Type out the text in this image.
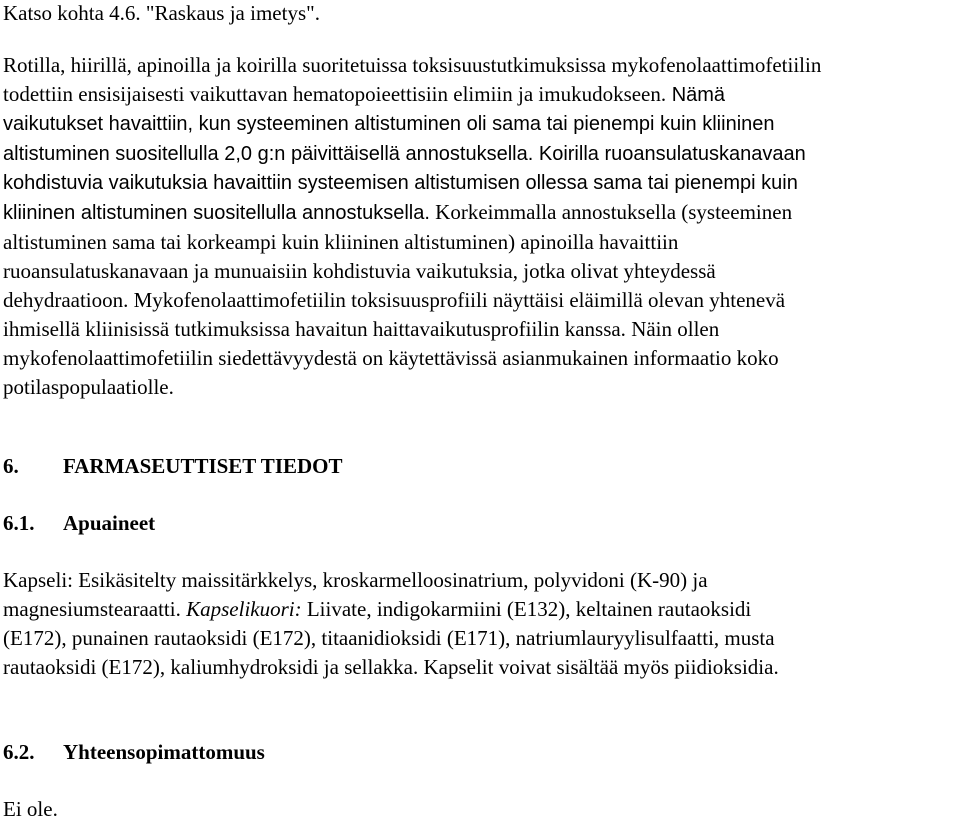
Katso kohta 4.6. "Raskaus ja imetys".
Rotilla, hiirillä, apinoilla ja koirilla suoritetuissa toksisuustutkimuksissa mykofenolaattimofetiilin
todettiin ensisijaisesti vaikuttavan hematopoieettisiin elimiin ja imukudokseen. Nämä
vaikutukset havaittiin, kun systeeminen altistuminen oli sama tai pienempi kuin kliininen
altistuminen suositellulla 2,0 g:n päivittäisellä annostuksella. Koirilla ruoansulatuskanavaan
kohdistuvia vaikutuksia havaittiin systeemisen altistumisen ollessa sama tai pienempi kuin
kliininen altistuminen suositellulla annostuksella. Korkeimmalla annostuksella (systeeminen
altistuminen sama tai korkeampi kuin kliininen altistuminen) apinoilla havaittiin
ruoansulatuskanavaan ja munuaisiin kohdistuvia vaikutuksia, jotka olivat yhteydessä
dehydraatioon. Mykofenolaattimofetiilin toksisuusprofiili näyttäisi eläimillä olevan yhtenevä
ihmisellä kliinisissä tutkimuksissa havaitun haittavaikutusprofiilin kanssa. Näin ollen
mykofenolaattimofetiilin siedettävyydestä on käytettävissä asianmukainen informaatio koko
potilaspopulaatiolle.
6. FARMASEUTTISET TIEDOT
6.1. Apuaineet
Kapseli: Esikäsitelty maissitärkkelys, kroskarmelloosinatrium, polyvidoni (K-90) ja
magnesiumstearaatti. Kapselikuori: Liivate, indigokarmiini (E132), keltainen rautaoksidi
(E172), punainen rautaoksidi (E172), titaanidioksidi (E171), natriumlauryylisulfaatti, musta
rautaoksidi (E172), kaliumhydroksidi ja sellakka. Kapselit voivat sisältää myös piidioksidia.
6.2. Yhteensopimattomuus
Ei ole.
